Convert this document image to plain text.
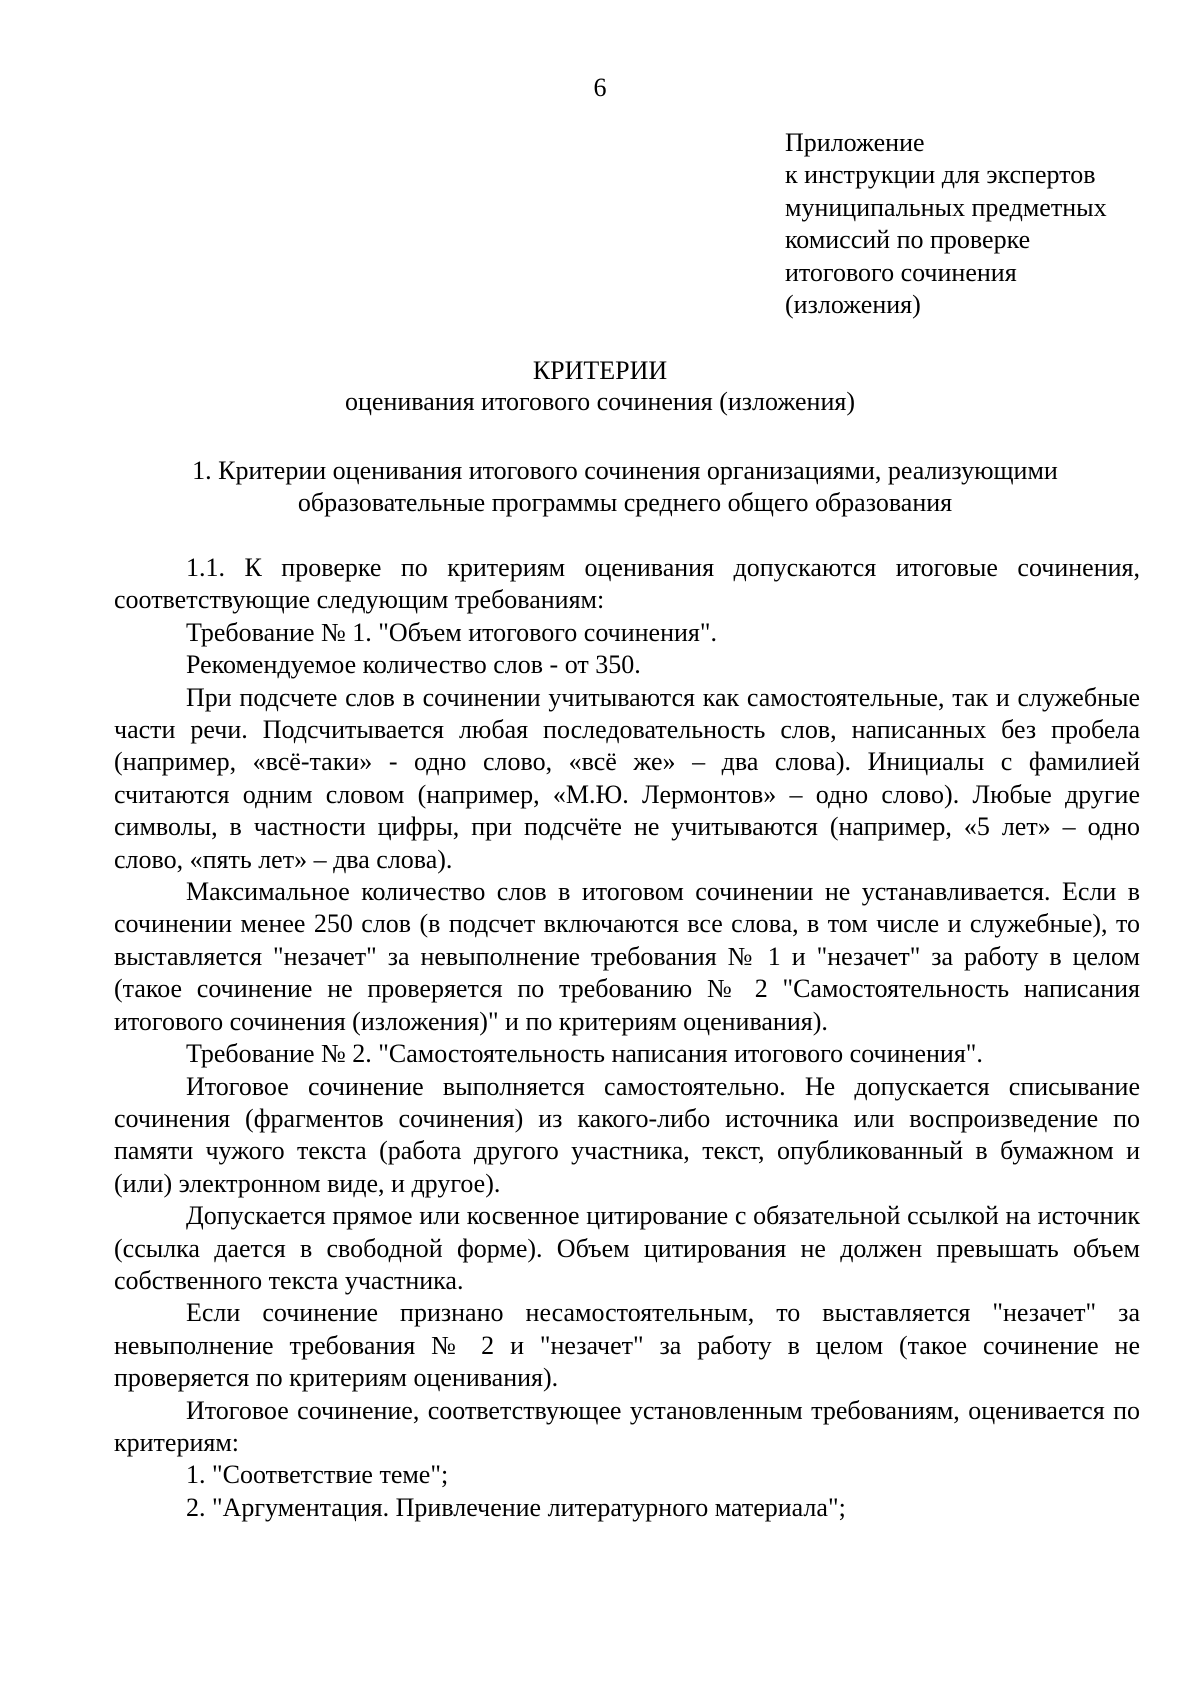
6
Приложение
к инструкции для экспертов
муниципальных предметных
комиссий по проверке
итогового сочинения
(изложения)
КРИТЕРИИ
оценивания итогового сочинения (изложения)
1. Критерии оценивания итогового сочинения организациями, реализующими
образовательные программы среднего общего образования

1.1. К проверке по критериям оценивания допускаются итоговые сочинения, соответствующие следующим требованиям:

Требование № 1. "Объем итогового сочинения".

Рекомендуемое количество слов - от 350.

При подсчете слов в сочинении учитываются как самостоятельные, так и служебные части речи. Подсчитывается любая последовательность слов, написанных без пробела (например, «всё-таки» - одно слово, «всё же» – два слова). Инициалы с фамилией считаются одним словом (например, «М.Ю. Лермонтов» – одно слово). Любые другие символы, в частности цифры, при подсчёте не учитываются (например, «5 лет» – одно слово, «пять лет» – два слова).

Максимальное количество слов в итоговом сочинении не устанавливается. Если в сочинении менее 250 слов (в подсчет включаются все слова, в том числе и служебные), то выставляется "незачет" за невыполнение требования № 1 и "незачет" за работу в целом (такое сочинение не проверяется по требованию № 2 "Самостоятельность написания итогового сочинения (изложения)" и по критериям оценивания).

Требование № 2. "Самостоятельность написания итогового сочинения".

Итоговое сочинение выполняется самостоятельно. Не допускается списывание сочинения (фрагментов сочинения) из какого-либо источника или воспроизведение по памяти чужого текста (работа другого участника, текст, опубликованный в бумажном и (или) электронном виде, и другое).

Допускается прямое или косвенное цитирование с обязательной ссылкой на источник (ссылка дается в свободной форме). Объем цитирования не должен превышать объем собственного текста участника.

Если сочинение признано несамостоятельным, то выставляется "незачет" за невыполнение требования № 2 и "незачет" за работу в целом (такое сочинение не проверяется по критериям оценивания).

Итоговое сочинение, соответствующее установленным требованиям, оценивается по критериям:

1. "Соответствие теме";

2. "Аргументация. Привлечение литературного материала";
